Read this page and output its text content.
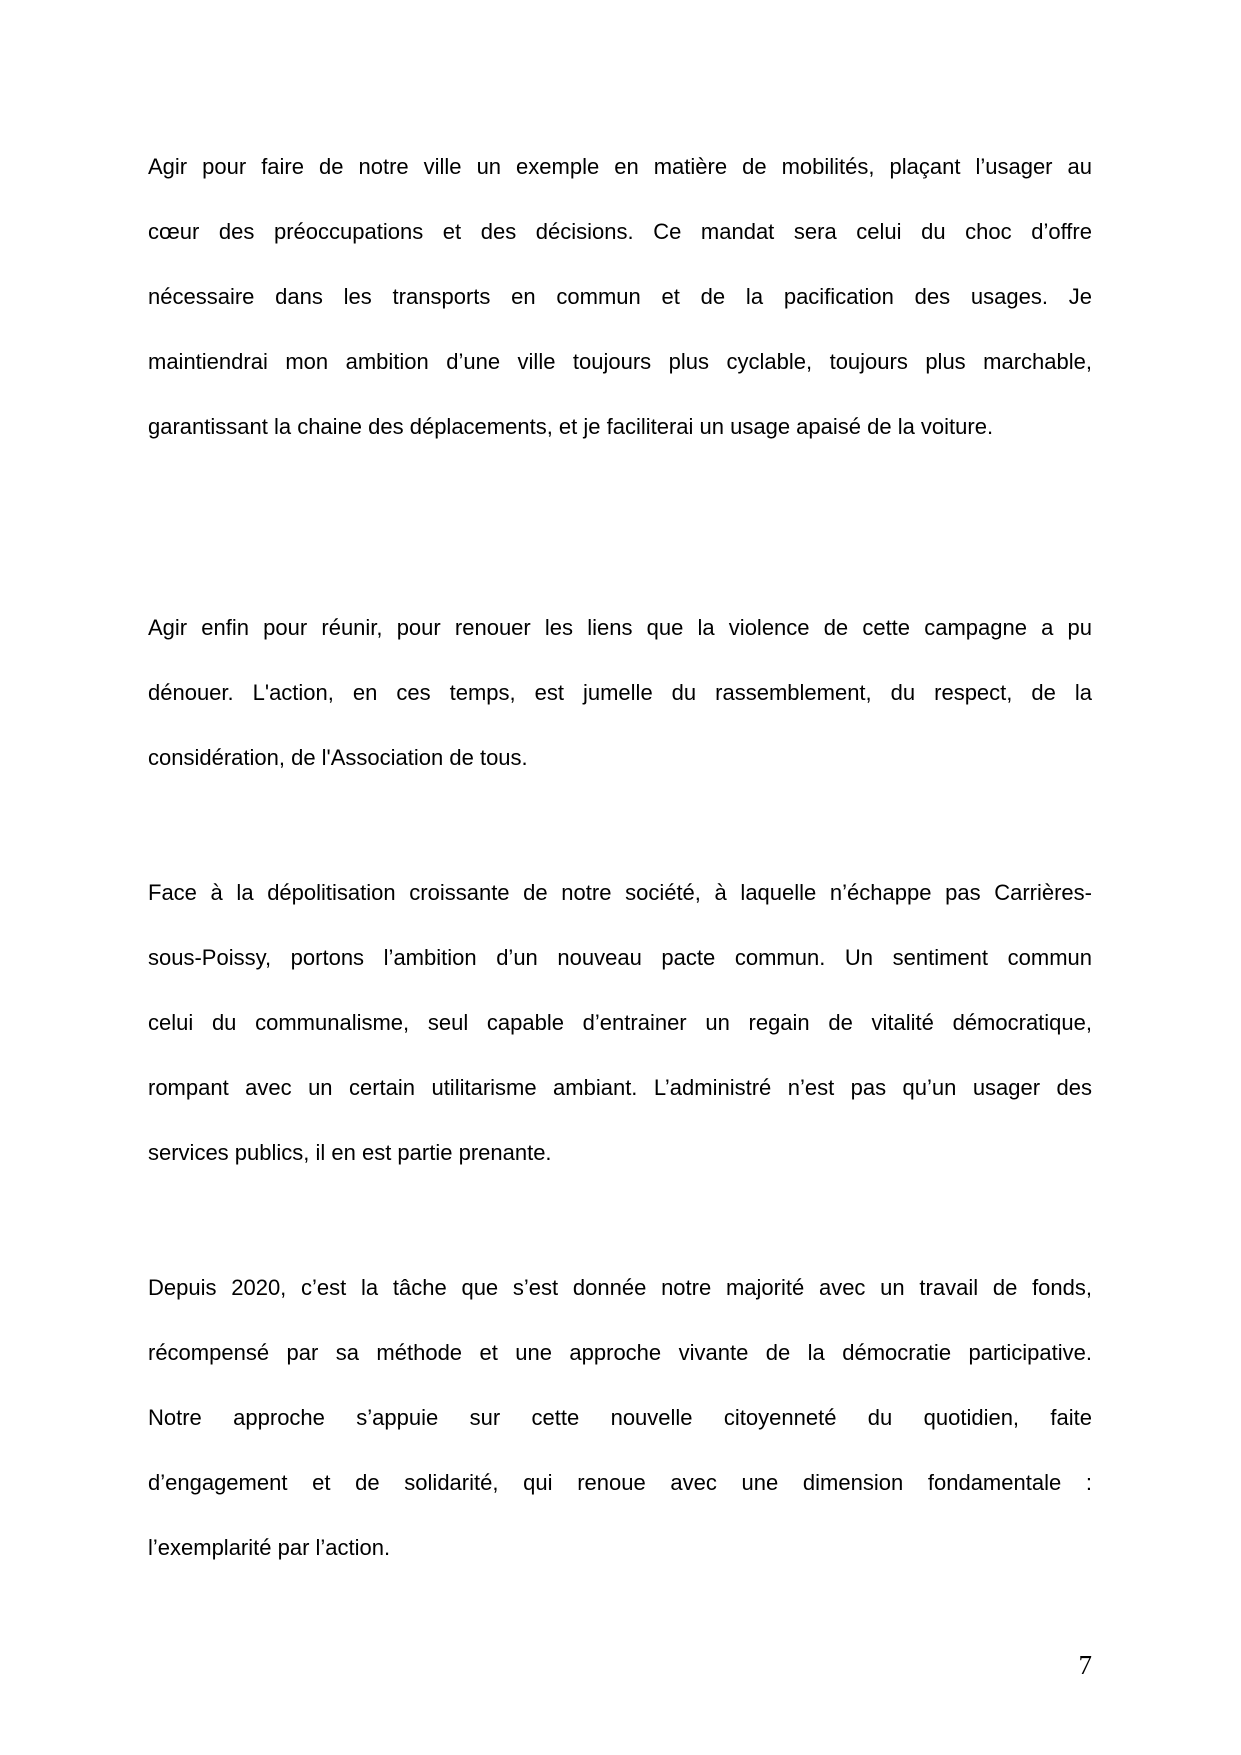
Agir pour faire de notre ville un exemple en matière de mobilités, plaçant l’usager au
cœur des préoccupations et des décisions. Ce mandat sera celui du choc d’offre
nécessaire dans les transports en commun et de la pacification des usages. Je
maintiendrai mon ambition d’une ville toujours plus cyclable, toujours plus marchable,
garantissant la chaine des déplacements, et je faciliterai un usage apaisé de la voiture.
Agir enfin pour réunir, pour renouer les liens que la violence de cette campagne a pu
dénouer. L'action, en ces temps, est jumelle du rassemblement, du respect, de la
considération, de l'Association de tous.
Face à la dépolitisation croissante de notre société, à laquelle n’échappe pas Carrières-
sous-Poissy, portons l’ambition d’un nouveau pacte commun. Un sentiment commun
celui du communalisme, seul capable d’entrainer un regain de vitalité démocratique,
rompant avec un certain utilitarisme ambiant. L’administré n’est pas qu’un usager des
services publics, il en est partie prenante.
Depuis 2020, c’est la tâche que s’est donnée notre majorité avec un travail de fonds,
récompensé par sa méthode et une approche vivante de la démocratie participative.
Notre approche s’appuie sur cette nouvelle citoyenneté du quotidien, faite
d’engagement et de solidarité, qui renoue avec une dimension fondamentale :
l’exemplarité par l’action.
7
